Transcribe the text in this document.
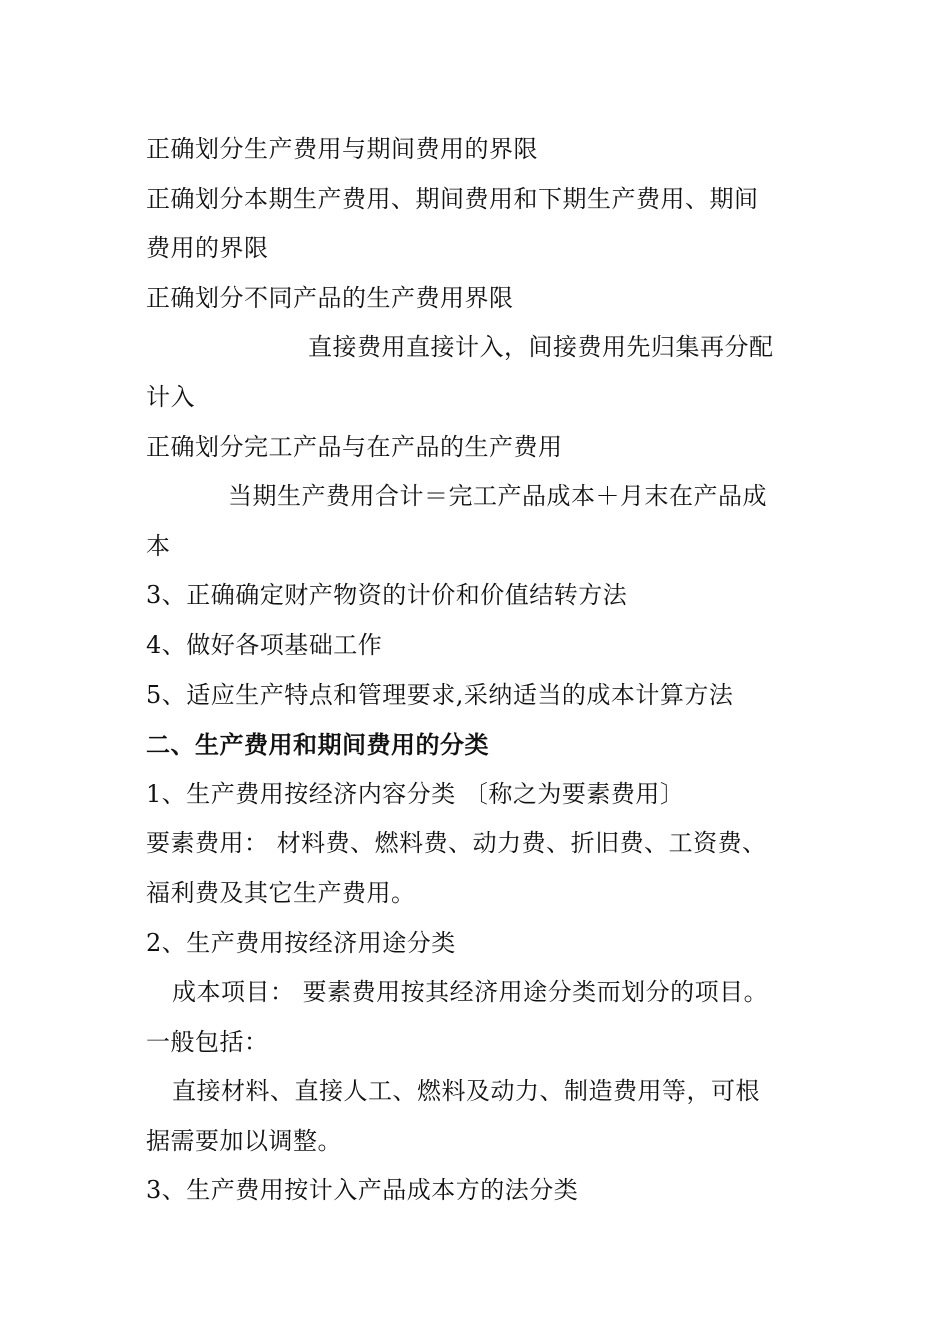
正确划分生产费用与期间费用的界限
正确划分本期生产费用、期间费用和下期生产费用、期间
费用的界限
正确划分不同产品的生产费用界限
直接费用直接计入，间接费用先归集再分配
计入
正确划分完工产品与在产品的生产费用
当期生产费用合计＝完工产品成本＋月末在产品成
本
3、正确确定财产物资的计价和价值结转方法
4、做好各项基础工作
5、适应生产特点和管理要求,采纳适当的成本计算方法
二、生产费用和期间费用的分类
1、生产费用按经济内容分类 〔称之为要素费用〕
要素费用： 材料费、燃料费、动力费、折旧费、工资费、
福利费及其它生产费用。
2、生产费用按经济用途分类
成本项目： 要素费用按其经济用途分类而划分的项目。
一般包括：
直接材料、直接人工、燃料及动力、制造费用等，可根
据需要加以调整。
3、生产费用按计入产品成本方的法分类
